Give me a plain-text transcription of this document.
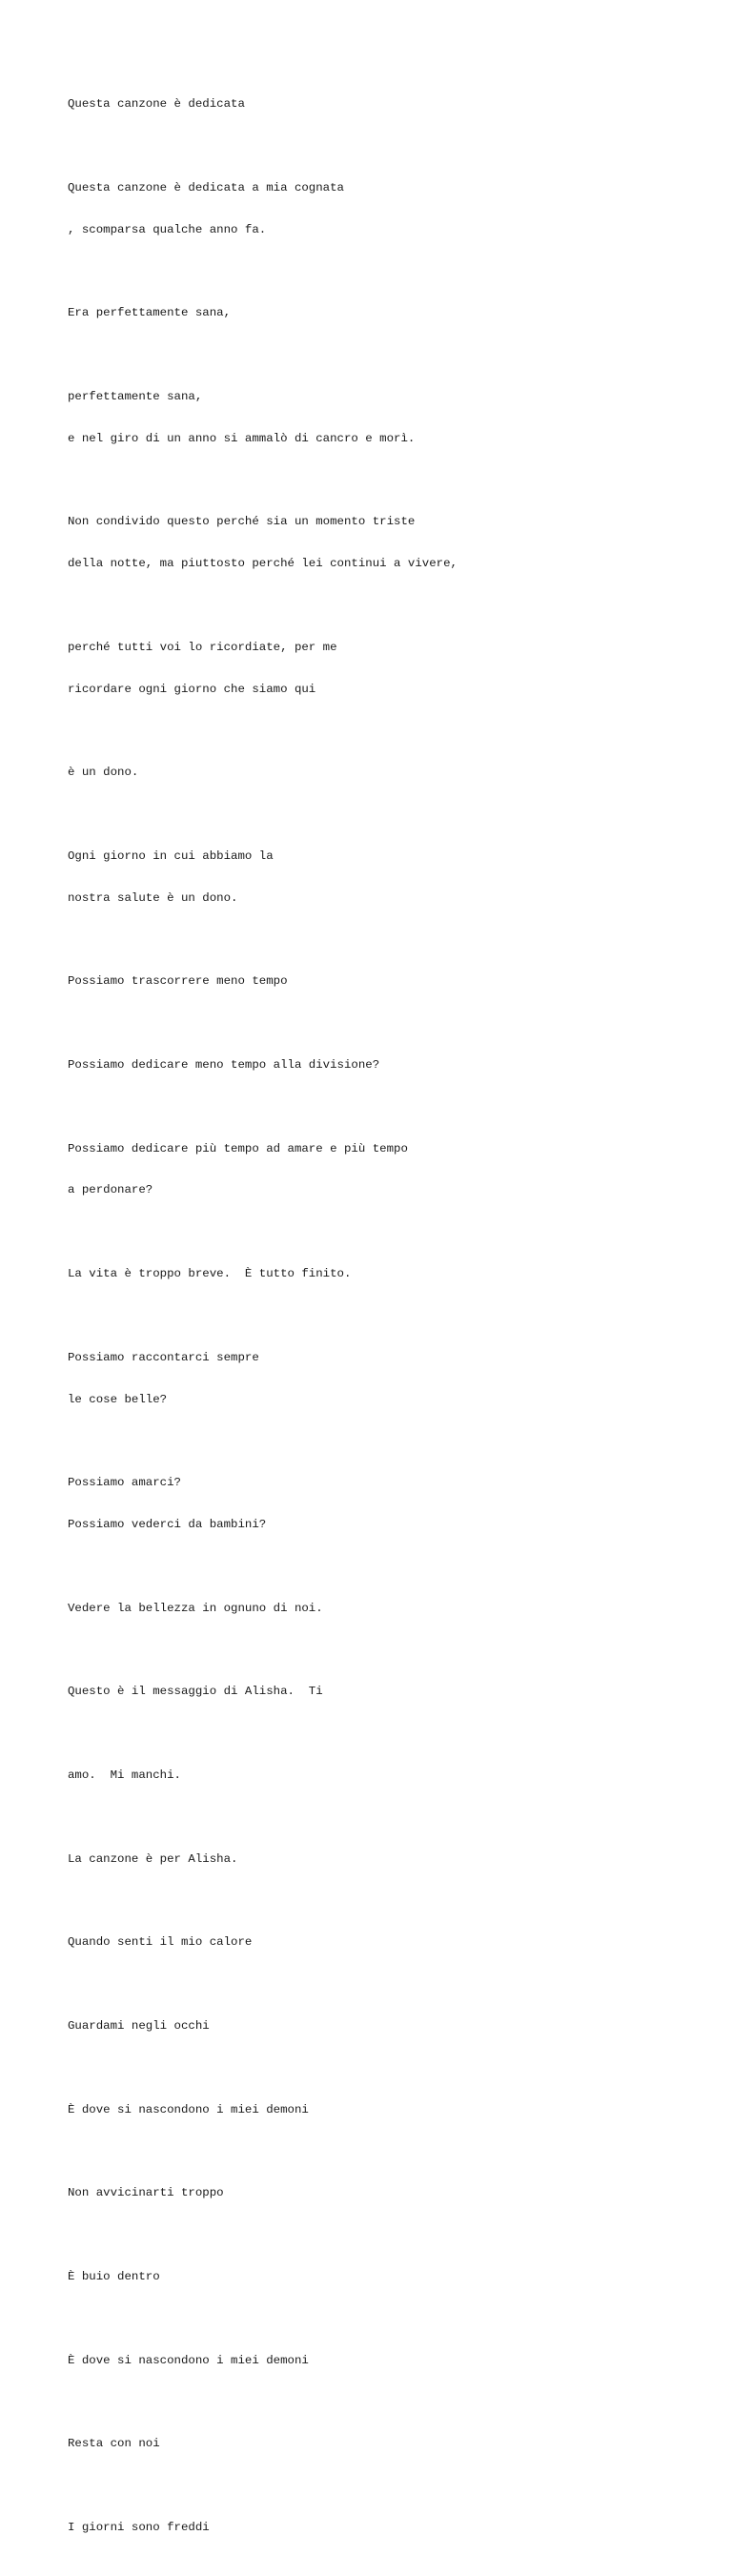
Questa canzone è dedicata

Questa canzone è dedicata a mia cognata

, scomparsa qualche anno fa.

Era perfettamente sana,

perfettamente sana,

e nel giro di un anno si ammalò di cancro e morì.

Non condivido questo perché sia un momento triste

della notte, ma piuttosto perché lei continui a vivere,

perché tutti voi lo ricordiate, per me

ricordare ogni giorno che siamo qui

è un dono.

Ogni giorno in cui abbiamo la

nostra salute è un dono.

Possiamo trascorrere meno tempo

Possiamo dedicare meno tempo alla divisione?

Possiamo dedicare più tempo ad amare e più tempo

a perdonare?

La vita è troppo breve.  È tutto finito.

Possiamo raccontarci sempre

le cose belle?

Possiamo amarci?

Possiamo vederci da bambini?

Vedere la bellezza in ognuno di noi.

Questo è il messaggio di Alisha.  Ti

amo.  Mi manchi.

La canzone è per Alisha.

Quando senti il mio calore

Guardami negli occhi

È dove si nascondono i miei demoni

Non avvicinarti troppo

È buio dentro

È dove si nascondono i miei demoni

Resta con noi

I giorni sono freddi
